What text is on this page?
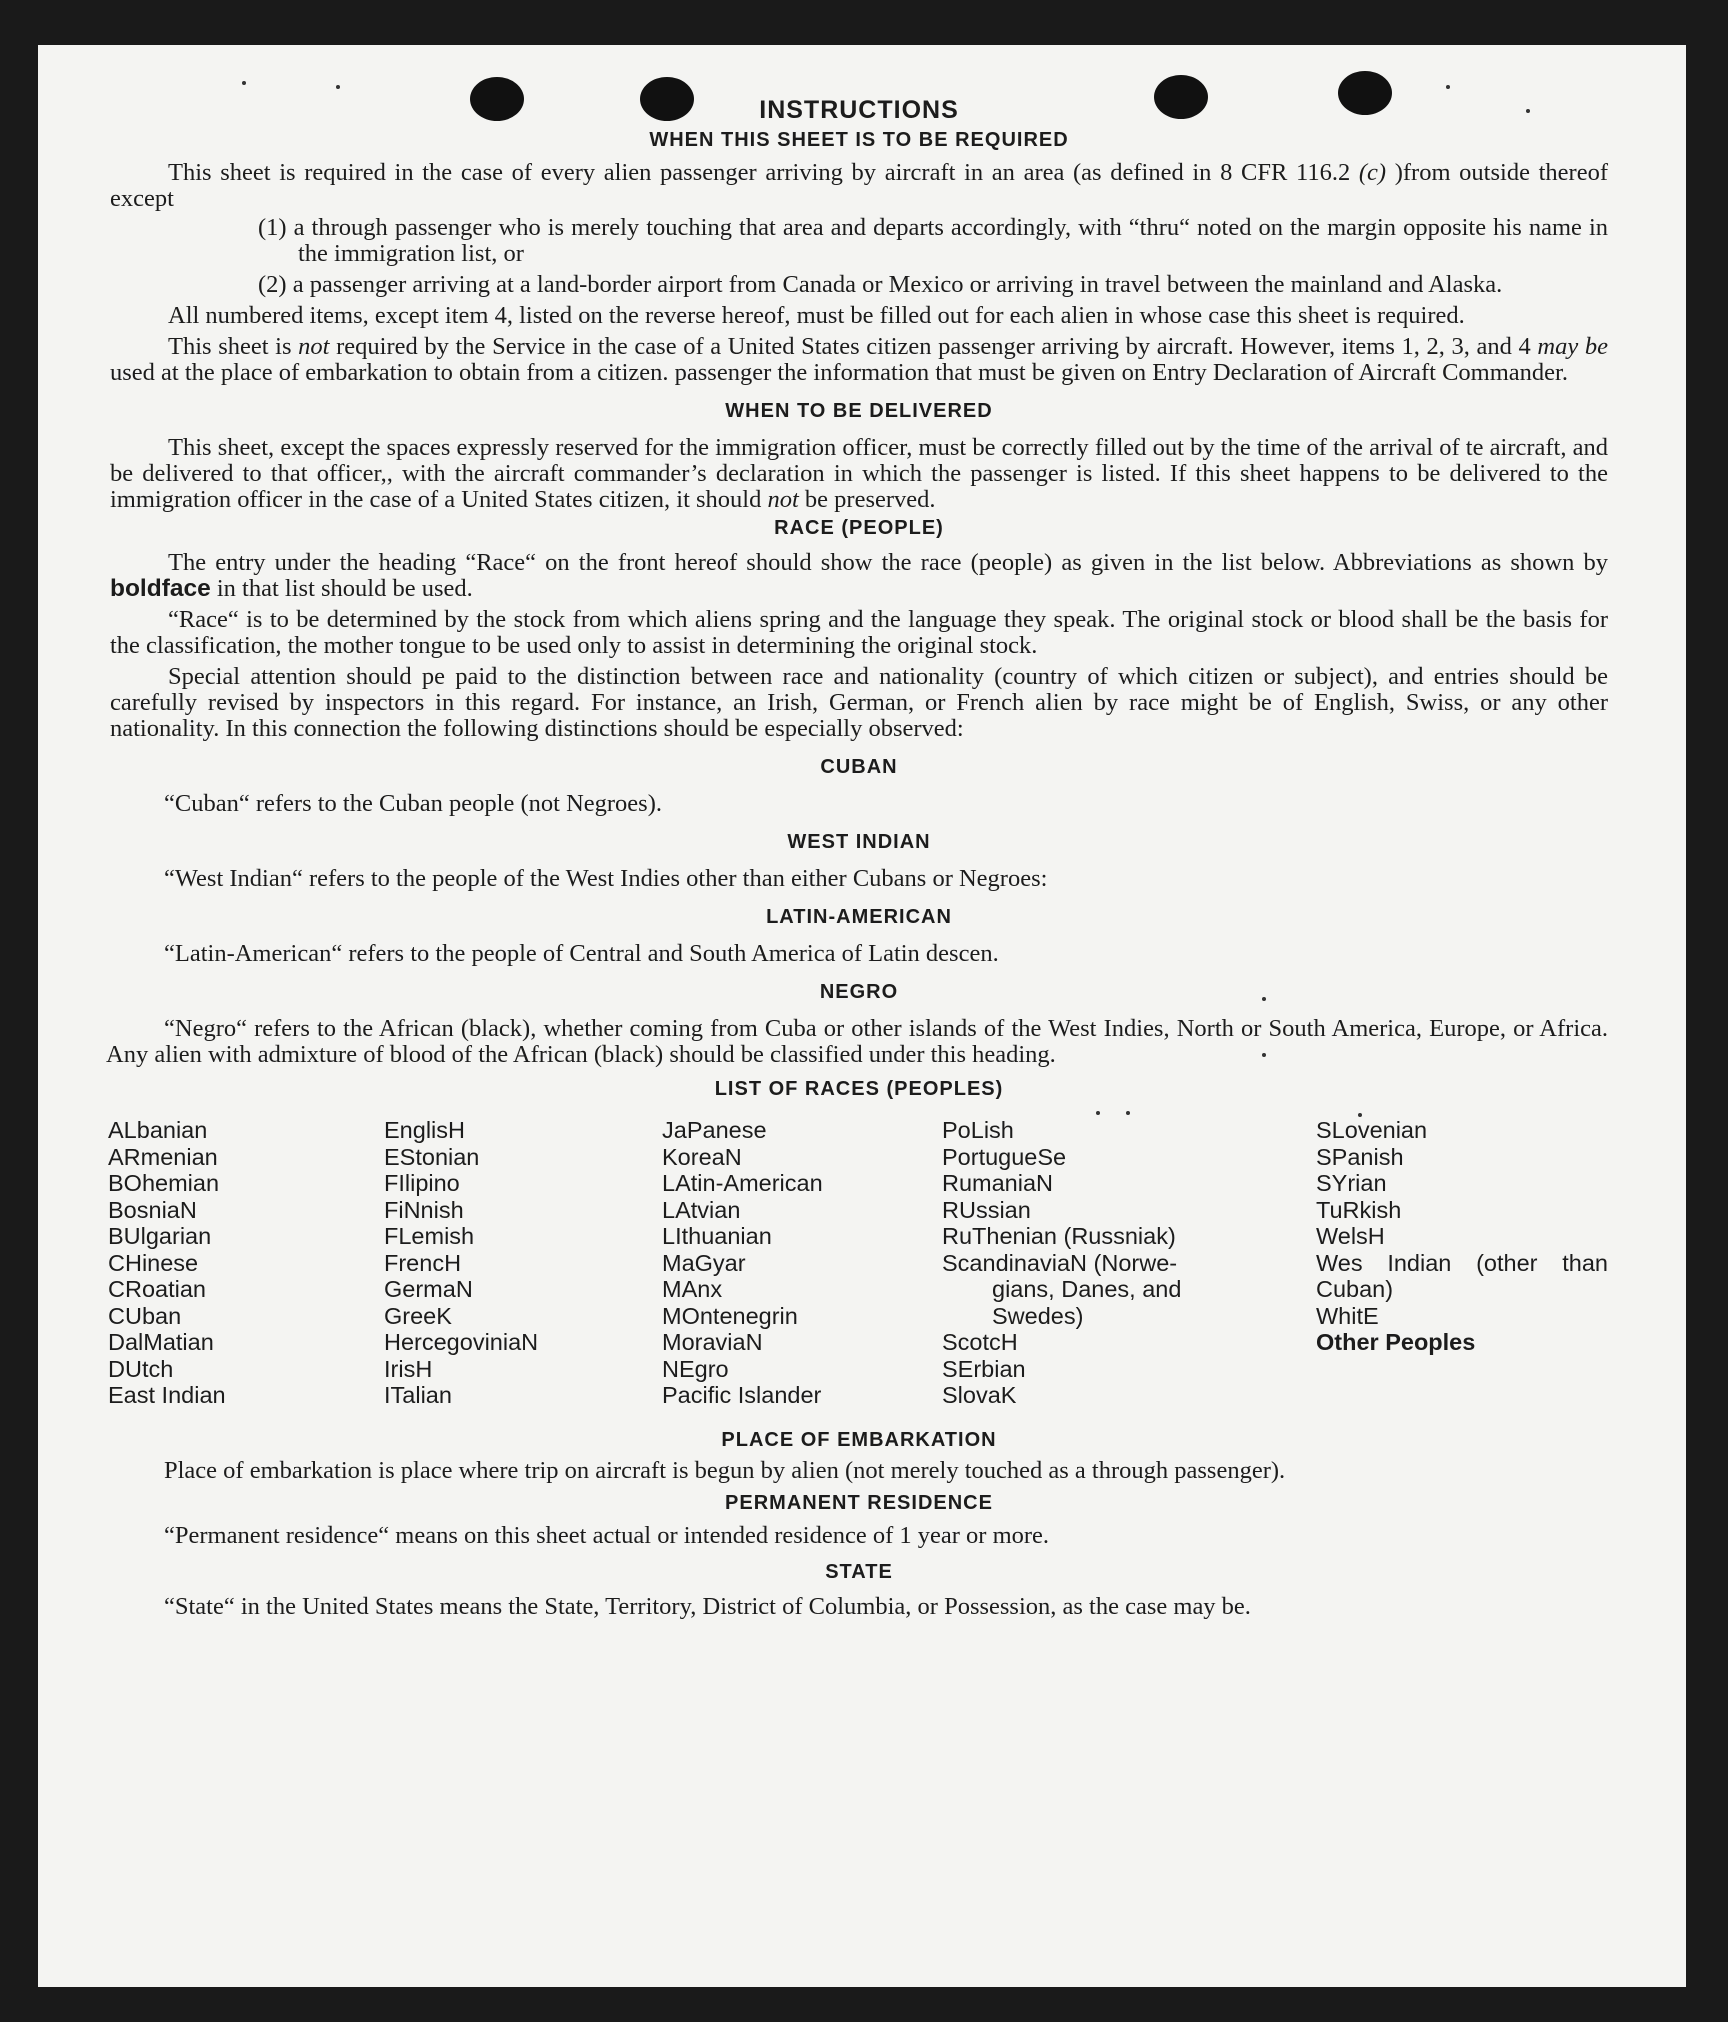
INSTRUCTIONS
WHEN THIS SHEET IS TO BE REQUIRED

This sheet is required in the case of every alien passenger arriving by aircraft in an area (as defined in 8 CFR 116.2 (c) )from outside thereof except

(1) a through passenger who is merely touching that area and departs accordingly, with “thru“ noted on the margin opposite his name in the immigration list, or

(2) a passenger arriving at a land-border airport from Canada or Mexico or arriving in travel between the mainland and Alaska.

All numbered items, except item 4, listed on the reverse hereof, must be filled out for each alien in whose case this sheet is required.

This sheet is not required by the Service in the case of a United States citizen passenger arriving by aircraft. However, items 1, 2, 3, and 4 may be used at the place of embarkation to obtain from a citizen. passenger the information that must be given on Entry Declaration of Aircraft Commander.

WHEN TO BE DELIVERED

This sheet, except the spaces expressly reserved for the immigration officer, must be correctly filled out by the time of the arrival of te aircraft, and be delivered to that officer,, with the aircraft commander’s declaration in which the passenger is listed. If this sheet happens to be delivered to the immigration officer in the case of a United States citizen, it should not be preserved.

RACE (PEOPLE)

The entry under the heading “Race“ on the front hereof should show the race (people) as given in the list below. Abbreviations as shown by boldface in that list should be used.

“Race“ is to be determined by the stock from which aliens spring and the language they speak. The original stock or blood shall be the basis for the classification, the mother tongue to be used only to assist in determining the original stock.

Special attention should pe paid to the distinction between race and nationality (country of which citizen or subject), and entries should be carefully revised by inspectors in this regard. For instance, an Irish, German, or French alien by race might be of English, Swiss, or any other nationality. In this connection the following distinctions should be especially observed:

CUBAN

“Cuban“ refers to the Cuban people (not Negroes).

WEST INDIAN

“West Indian“ refers to the people of the West Indies other than either Cubans or Negroes:

LATIN-AMERICAN

“Latin-American“ refers to the people of Central and South America of Latin descen.

NEGRO

“Negro“ refers to the African (black), whether coming from Cuba or other islands of the West Indies, North or South America, Europe, or Africa. Any alien with admixture of blood of the African (black) should be classified under this heading.

LIST OF RACES (PEOPLES)
ALbanian
ARmenian
BOhemian
BosniaN
BUlgarian
CHinese
CRoatian
CUban
DalMatian
DUtch
East Indian
EnglisH
EStonian
FIlipino
FiNnish
FLemish
FrencH
GermaN
GreeK
HercegoviniaN
IrisH
ITalian
JaPanese
KoreaN
LAtin-American
LAtvian
LIthuanian
MaGyar
MAnx
MOntenegrin
MoraviaN
NEgro
Pacific Islander
PoLish
PortugueSe
RumaniaN
RUssian
RuThenian (Russniak)
ScandinaviaN (Norwe-
gians, Danes, and
Swedes)
ScotcH
SErbian
SlovaK
SLovenian
SPanish
SYrian
TuRkish
WelsH
Wes Indian (other than Cuban)
WhitE
Other Peoples
PLACE OF EMBARKATION

Place of embarkation is place where trip on aircraft is begun by alien (not merely touched as a through passenger).

PERMANENT RESIDENCE

“Permanent residence“ means on this sheet actual or intended residence of 1 year or more.

STATE

“State“ in the United States means the State, Territory, District of Columbia, or Possession, as the case may be.
